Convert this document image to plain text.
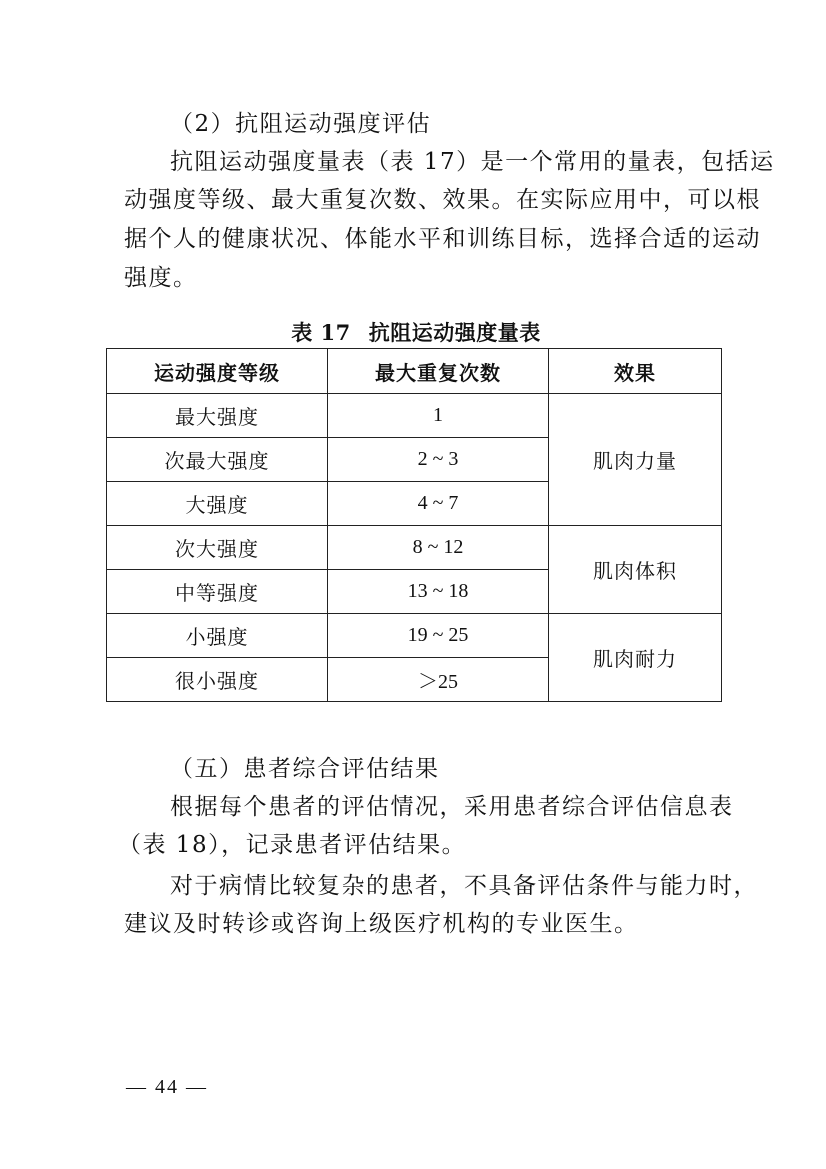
（2）抗阻运动强度评估
抗阻运动强度量表（表 17）是一个常用的量表，包括运
动强度等级、最大重复次数、效果。在实际应用中，可以根
据个人的健康状况、体能水平和训练目标，选择合适的运动
强度。
表 17 抗阻运动强度量表
运动强度等级	最大重复次数	效果
最大强度	1	肌肉力量
次最大强度	2 ~ 3	
大强度	4 ~ 7	
次大强度	8 ~ 12	肌肉体积
中等强度	13 ~ 18	
小强度	19 ~ 25	肌肉耐力
很小强度	＞25	
（五）患者综合评估结果
根据每个患者的评估情况，采用患者综合评估信息表
（表 18），记录患者评估结果。
对于病情比较复杂的患者，不具备评估条件与能力时，
建议及时转诊或咨询上级医疗机构的专业医生。
— 44 —
